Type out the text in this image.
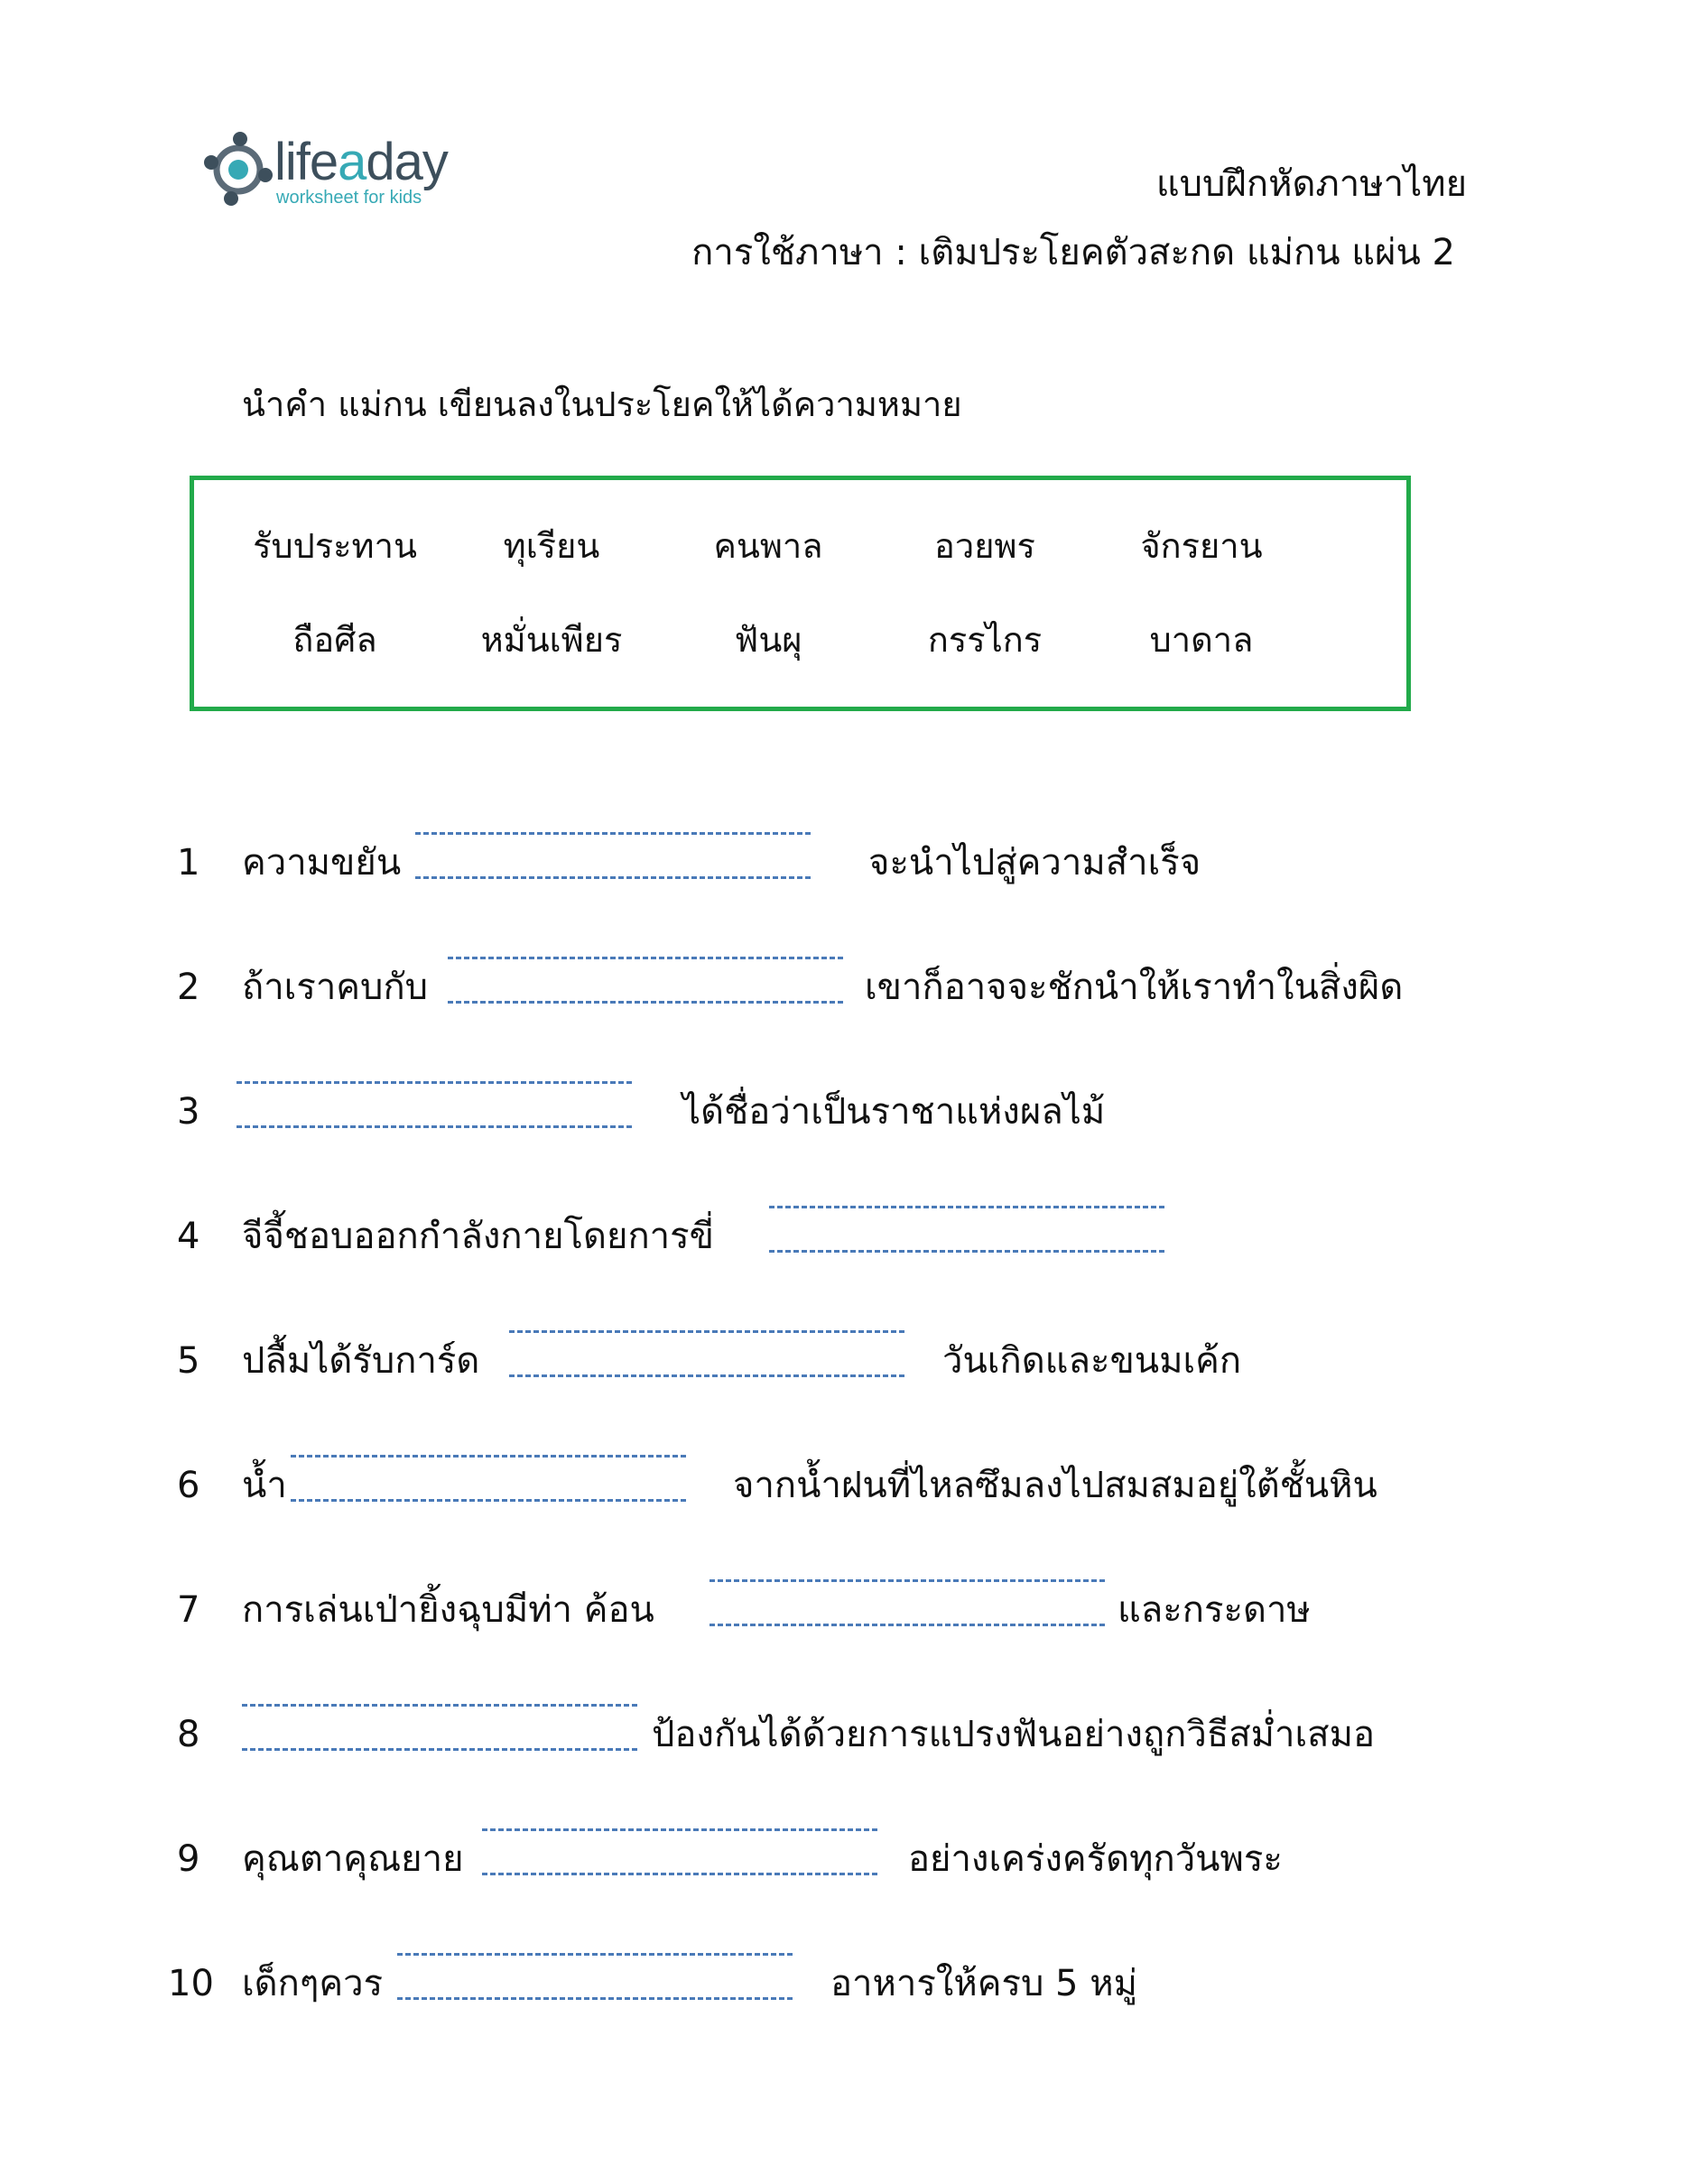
lifeaday
worksheet for kids	แบบฝึกหัดภาษาไทย
การใช้ภาษา : เติมประโยคตัวสะกด แม่กน แผ่น 2
นำคำ แม่กน เขียนลงในประโยคให้ได้ความหมาย
รับประทาน	ทุเรียน	คนพาล	อวยพร	จักรยาน
ถือศีล	หมั่นเพียร	ฟันผุ	กรรไกร	บาดาล
1 ความขยัน	จะนำไปสู่ความสำเร็จ
2 ถ้าเราคบกับ	เขาก็อาจจะชักนำให้เราทำในสิ่งผิด
3	ได้ชื่อว่าเป็นราชาแห่งผลไม้
4 จีจี้ชอบออกกำลังกายโดยการขี่
5 ปลื้มได้รับการ์ด	วันเกิดและขนมเค้ก
6 น้ำ	จากน้ำฝนที่ไหลซึมลงไปสมสมอยู่ใต้ชั้นหิน
7 การเล่นเป่ายิ้งฉุบมีท่า ค้อน	และกระดาษ
8	ป้องกันได้ด้วยการแปรงฟันอย่างถูกวิธีสม่ำเสมอ
9 คุณตาคุณยาย	อย่างเคร่งครัดทุกวันพระ
10 เด็กๆควร	อาหารให้ครบ 5 หมู่
